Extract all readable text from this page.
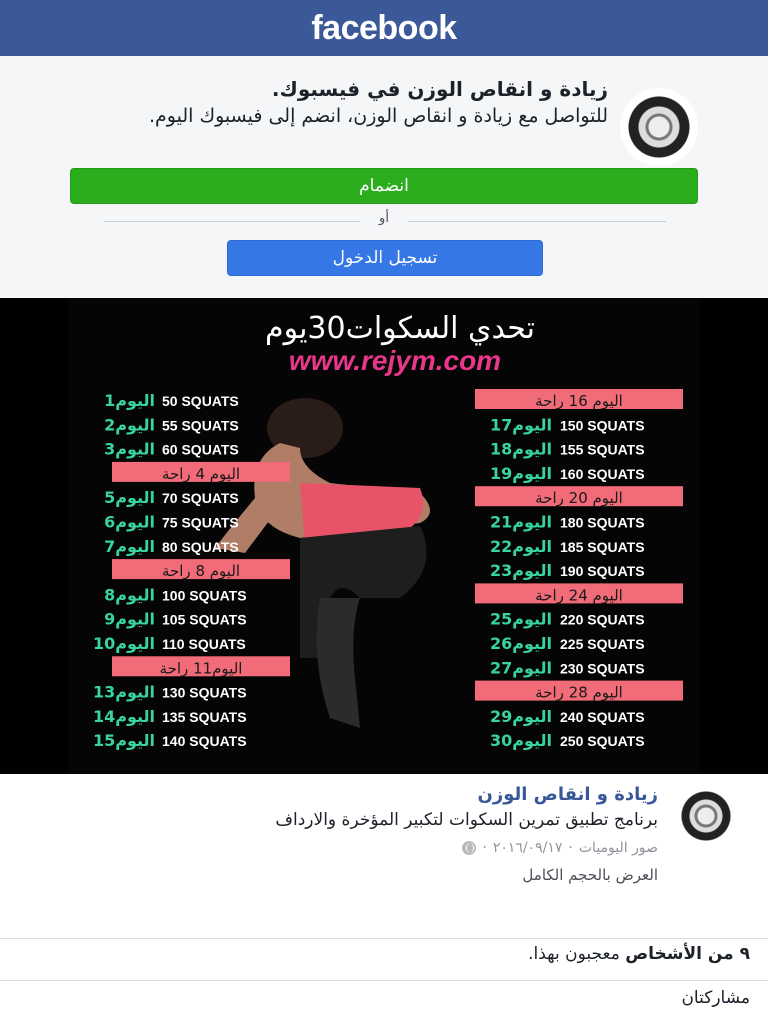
facebook
زيادة و انقاص الوزن في فيسبوك.
للتواصل مع زيادة و انقاص الوزن، انضم إلى فيسبوك اليوم.
انضمام
أو
تسجيل الدخول
تحدي السكوات30يوم
www.rejym.com
اليوم1 50 SQUATS
اليوم2 55 SQUATS
اليوم3 60 SQUATS
اليوم 4 راحة
اليوم5 70 SQUATS
اليوم6 75 SQUATS
اليوم7 80 SQUATS
اليوم 8 راحة
اليوم8 100 SQUATS
اليوم9 105 SQUATS
اليوم10 110 SQUATS
اليوم11 راحة
اليوم13 130 SQUATS
اليوم14 135 SQUATS
اليوم15 140 SQUATS
اليوم 16 راحة
اليوم17 150 SQUATS
اليوم18 155 SQUATS
اليوم19 160 SQUATS
اليوم 20 راحة
اليوم21 180 SQUATS
اليوم22 185 SQUATS
اليوم23 190 SQUATS
اليوم 24 راحة
اليوم25 220 SQUATS
اليوم26 225 SQUATS
اليوم27 230 SQUATS
اليوم 28 راحة
اليوم29 240 SQUATS
اليوم30 250 SQUATS
زيادة و انقاص الوزن
برنامج تطبيق تمرين السكوات لتكبير المؤخرة والارداف
صور اليوميات
·
٢٠١٦/٠٩/١٧
·
العرض بالحجم الكامل
٩ من الأشخاص معجبون بهذا.
مشاركتان
